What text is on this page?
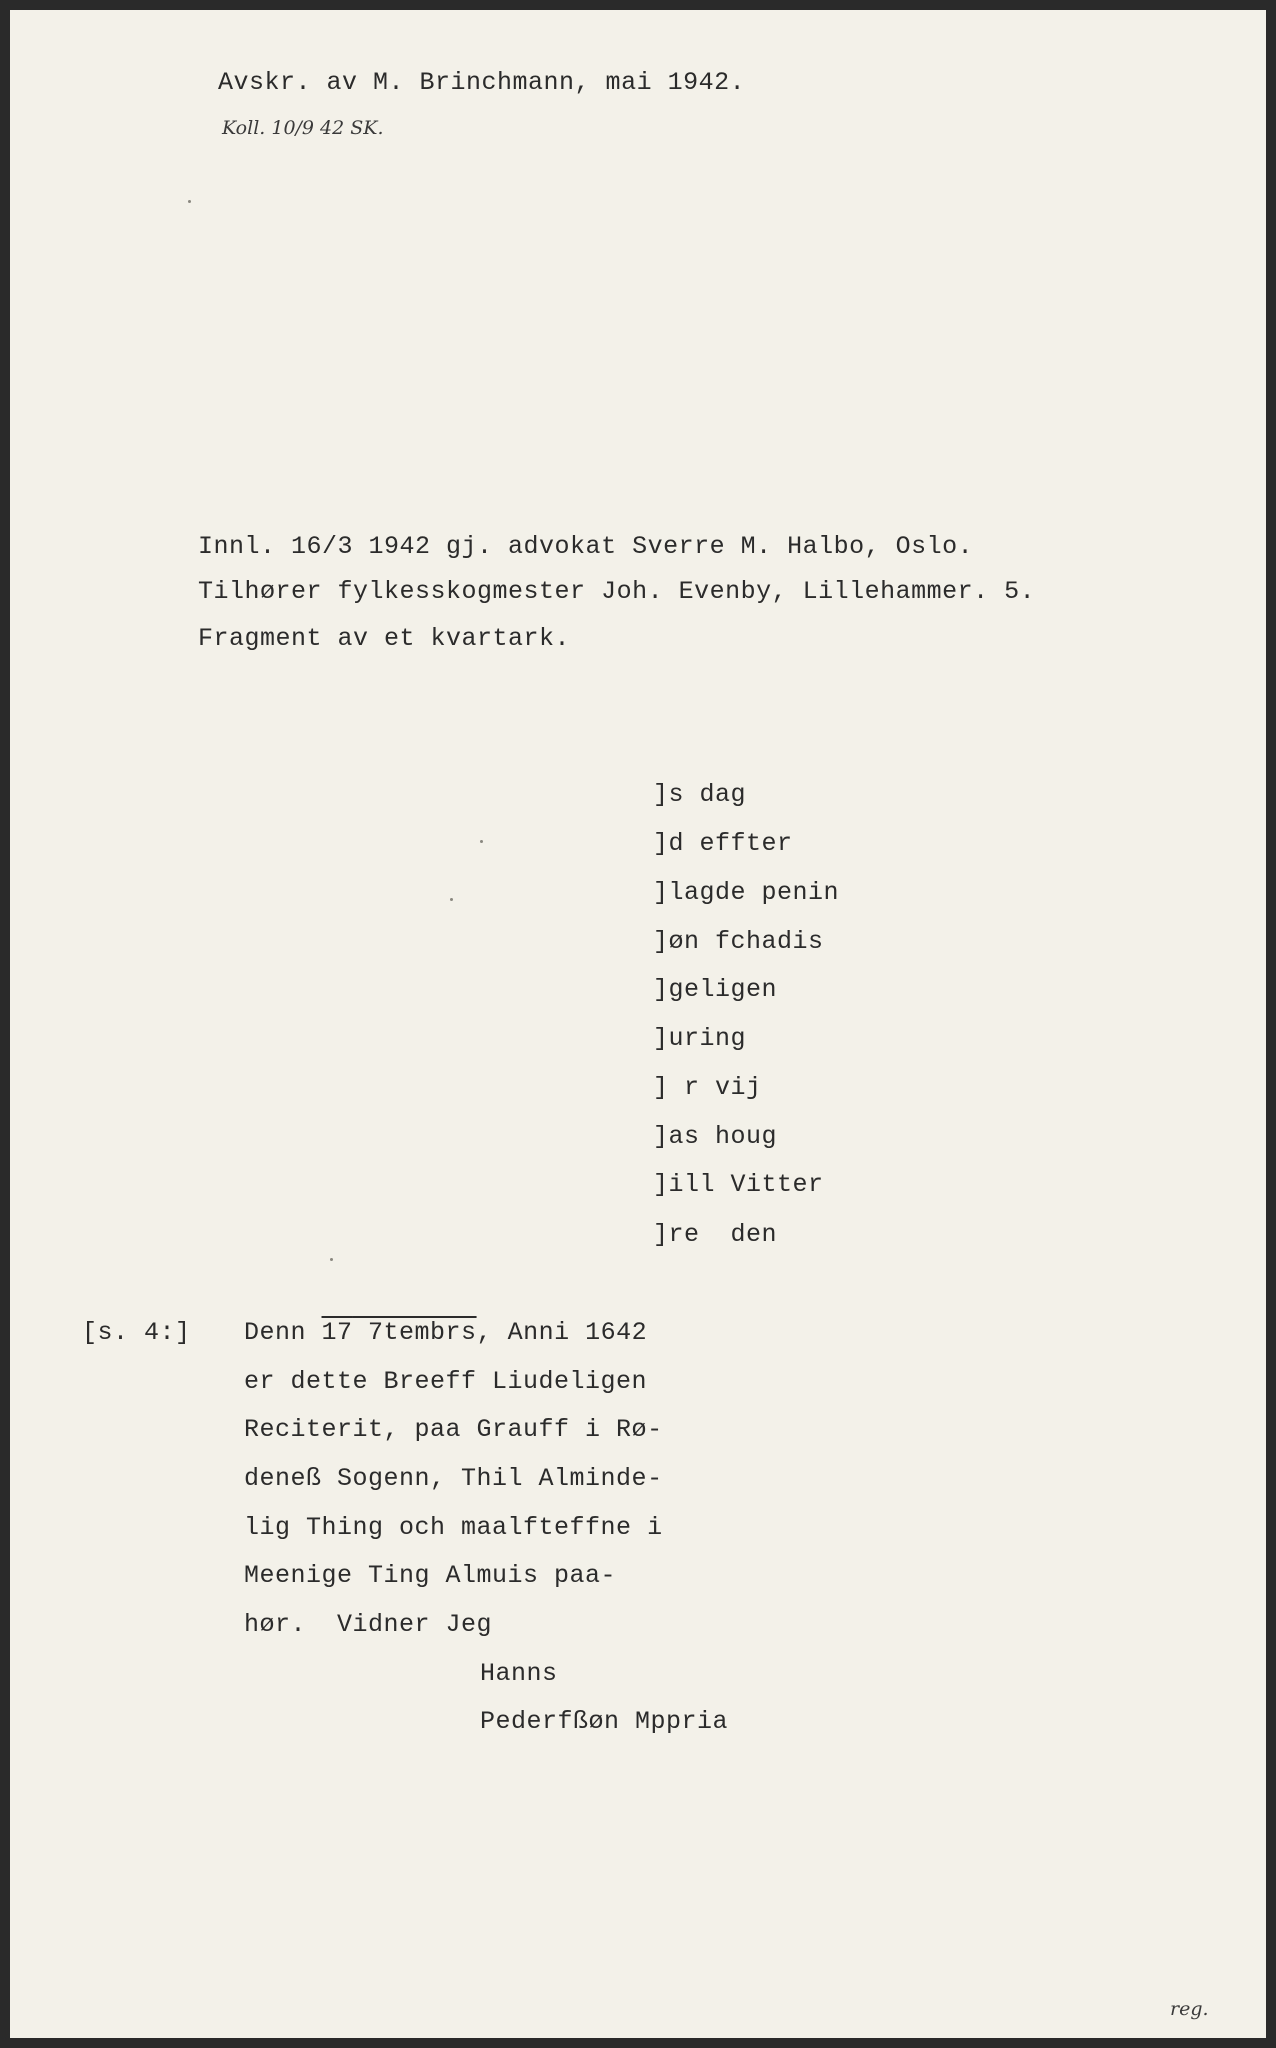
Avskr. av M. Brinchmann, mai 1942.
Koll. 10/9 42 SK.
Innl. 16/3 1942 gj. advokat Sverre M. Halbo, Oslo.
Tilhører fylkesskogmester Joh. Evenby, Lillehammer. 5.
Fragment av et kvartark.
]s dag
]d effter
]lagde penin
]øn fchadis
]geligen
]uring
] r vij
]as houg
]ill Vitter
]re  den
[s. 4:] Denn 17 7tembrs, Anni 1642
er dette Breeff Liudeligen
Reciterit, paa Grauff i Rø-
deneß Sogenn, Thil Alminde-
lig Thing och maalfteffne i
Meenige Ting Almuis paa-
hør.  Vidner Jeg
Hanns
Pederfßøn Mppria
reg.
